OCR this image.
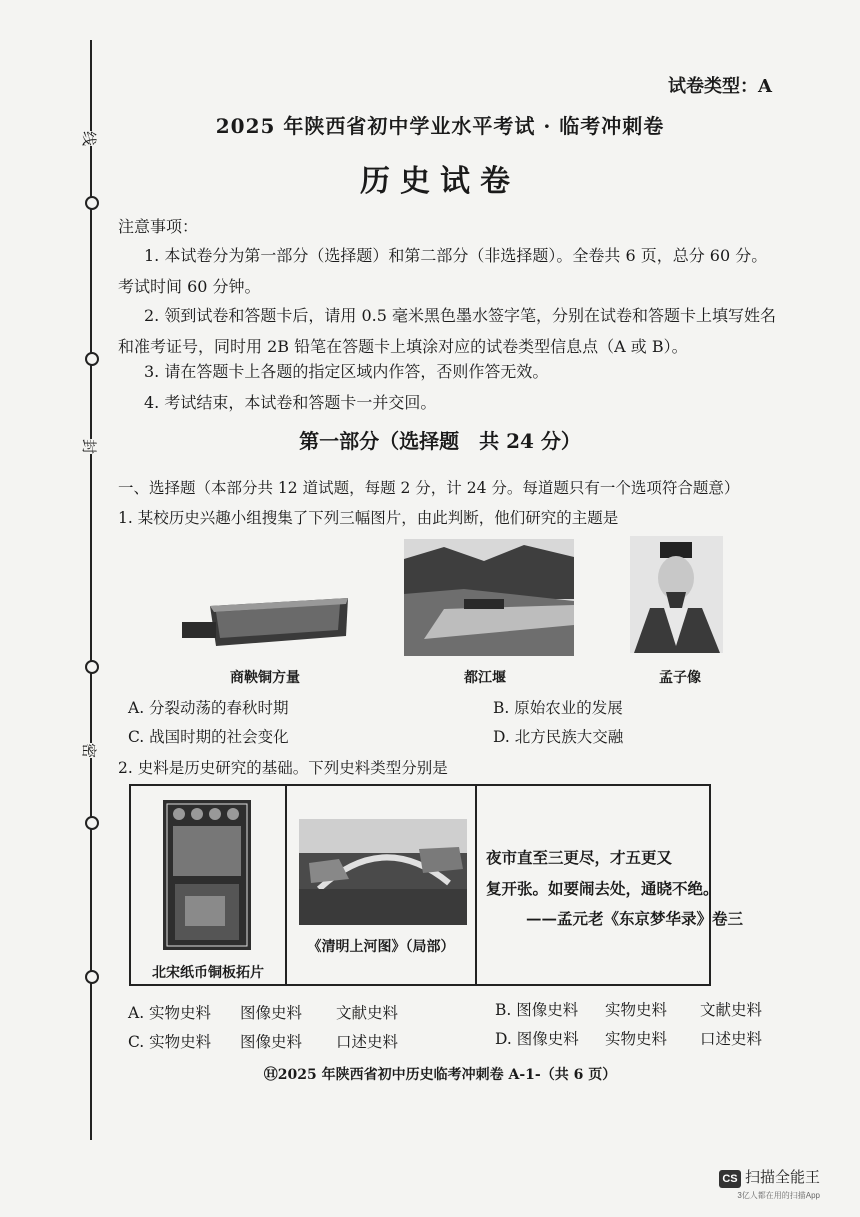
线
封
密
试卷类型：A
2025 年陕西省初中学业水平考试 · 临考冲刺卷
历史试卷
注意事项：
1. 本试卷分为第一部分（选择题）和第二部分（非选择题）。全卷共 6 页，总分 60 分。考试时间 60 分钟。
2. 领到试卷和答题卡后，请用 0.5 毫米黑色墨水签字笔，分别在试卷和答题卡上填写姓名和准考证号，同时用 2B 铅笔在答题卡上填涂对应的试卷类型信息点（A 或 B）。
3. 请在答题卡上各题的指定区域内作答，否则作答无效。
4. 考试结束，本试卷和答题卡一并交回。
第一部分（选择题　共 24 分）
一、选择题（本部分共 12 道试题，每题 2 分，计 24 分。每道题只有一个选项符合题意）
1. 某校历史兴趣小组搜集了下列三幅图片，由此判断，他们研究的主题是
商鞅铜方量	都江堰	孟子像
A. 分裂动荡的春秋时期	B. 原始农业的发展
C. 战国时期的社会变化	D. 北方民族大交融
2. 史料是历史研究的基础。下列史料类型分别是
北宋纸币铜板拓片
《清明上河图》（局部）
夜市直至三更尽，才五更又
复开张。如要闹去处，通晓不绝。
——孟元老《东京梦华录》卷三
A. 实物史料 图像史料 文献史料	B. 图像史料 实物史料 文献史料
C. 实物史料 图像史料 口述史料	D. 图像史料 实物史料 口述史料
Ⓗ2025 年陕西省初中历史临考冲刺卷 A-1-（共 6 页）
CS 扫描全能王
3亿人都在用的扫描App
